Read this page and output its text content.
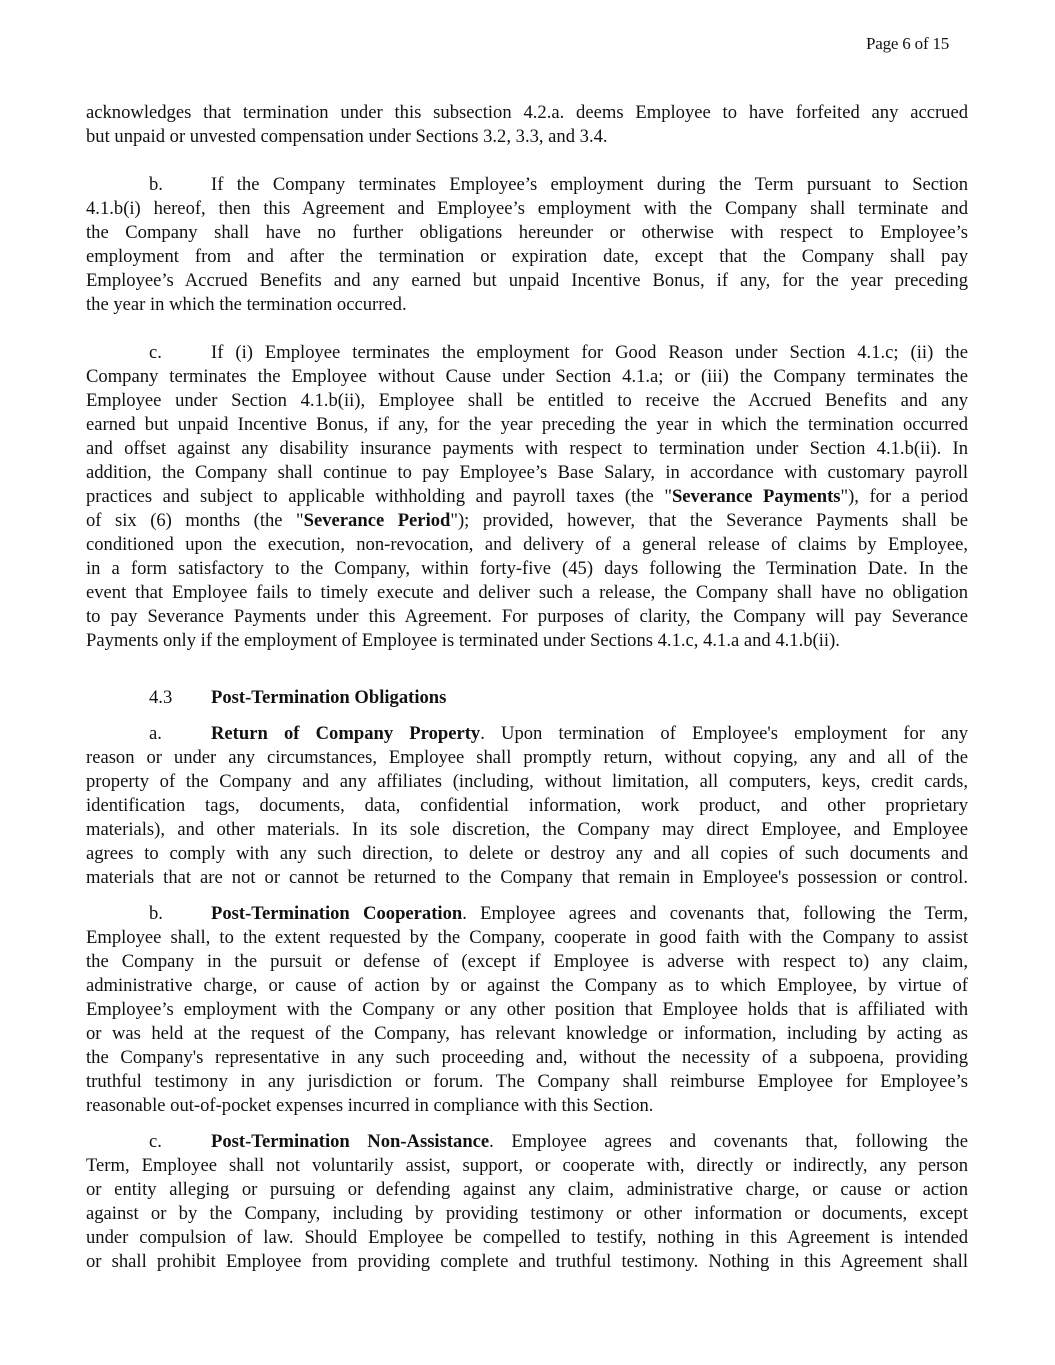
Page 6 of 15
acknowledges that termination under this subsection 4.2.a. deems Employee to have forfeited any accrued
but unpaid or unvested compensation under Sections 3.2, 3.3, and 3.4.
b.	If the Company terminates Employee’s employment during the Term pursuant to Section
4.1.b(i) hereof, then this Agreement and Employee’s employment with the Company shall terminate and
the Company shall have no further obligations hereunder or otherwise with respect to Employee’s
employment from and after the termination or expiration date, except that the Company shall pay
Employee’s Accrued Benefits and any earned but unpaid Incentive Bonus, if any, for the year preceding
the year in which the termination occurred.
c.	If (i) Employee terminates the employment for Good Reason under Section 4.1.c; (ii) the
Company terminates the Employee without Cause under Section 4.1.a; or (iii) the Company terminates the
Employee under Section 4.1.b(ii), Employee shall be entitled to receive the Accrued Benefits and any
earned but unpaid Incentive Bonus, if any, for the year preceding the year in which the termination occurred
and offset against any disability insurance payments with respect to termination under Section 4.1.b(ii). In
addition, the Company shall continue to pay Employee’s Base Salary, in accordance with customary payroll
practices and subject to applicable withholding and payroll taxes (the "Severance Payments"), for a period
of six (6) months (the "Severance Period"); provided, however, that the Severance Payments shall be
conditioned upon the execution, non-revocation, and delivery of a general release of claims by Employee,
in a form satisfactory to the Company, within forty-five (45) days following the Termination Date. In the
event that Employee fails to timely execute and deliver such a release, the Company shall have no obligation
to pay Severance Payments under this Agreement. For purposes of clarity, the Company will pay Severance
Payments only if the employment of Employee is terminated under Sections 4.1.c, 4.1.a and 4.1.b(ii).
4.3 Post-Termination Obligations
a.	Return of Company Property. Upon termination of Employee's employment for any
reason or under any circumstances, Employee shall promptly return, without copying, any and all of the
property of the Company and any affiliates (including, without limitation, all computers, keys, credit cards,
identification tags, documents, data, confidential information, work product, and other proprietary
materials), and other materials. In its sole discretion, the Company may direct Employee, and Employee
agrees to comply with any such direction, to delete or destroy any and all copies of such documents and
materials that are not or cannot be returned to the Company that remain in Employee's possession or control.
b.	Post-Termination Cooperation. Employee agrees and covenants that, following the Term,
Employee shall, to the extent requested by the Company, cooperate in good faith with the Company to assist
the Company in the pursuit or defense of (except if Employee is adverse with respect to) any claim,
administrative charge, or cause of action by or against the Company as to which Employee, by virtue of
Employee’s employment with the Company or any other position that Employee holds that is affiliated with
or was held at the request of the Company, has relevant knowledge or information, including by acting as
the Company's representative in any such proceeding and, without the necessity of a subpoena, providing
truthful testimony in any jurisdiction or forum. The Company shall reimburse Employee for Employee’s
reasonable out-of-pocket expenses incurred in compliance with this Section.
c.	Post-Termination Non-Assistance. Employee agrees and covenants that, following the
Term, Employee shall not voluntarily assist, support, or cooperate with, directly or indirectly, any person
or entity alleging or pursuing or defending against any claim, administrative charge, or cause or action
against or by the Company, including by providing testimony or other information or documents, except
under compulsion of law. Should Employee be compelled to testify, nothing in this Agreement is intended
or shall prohibit Employee from providing complete and truthful testimony. Nothing in this Agreement shall
